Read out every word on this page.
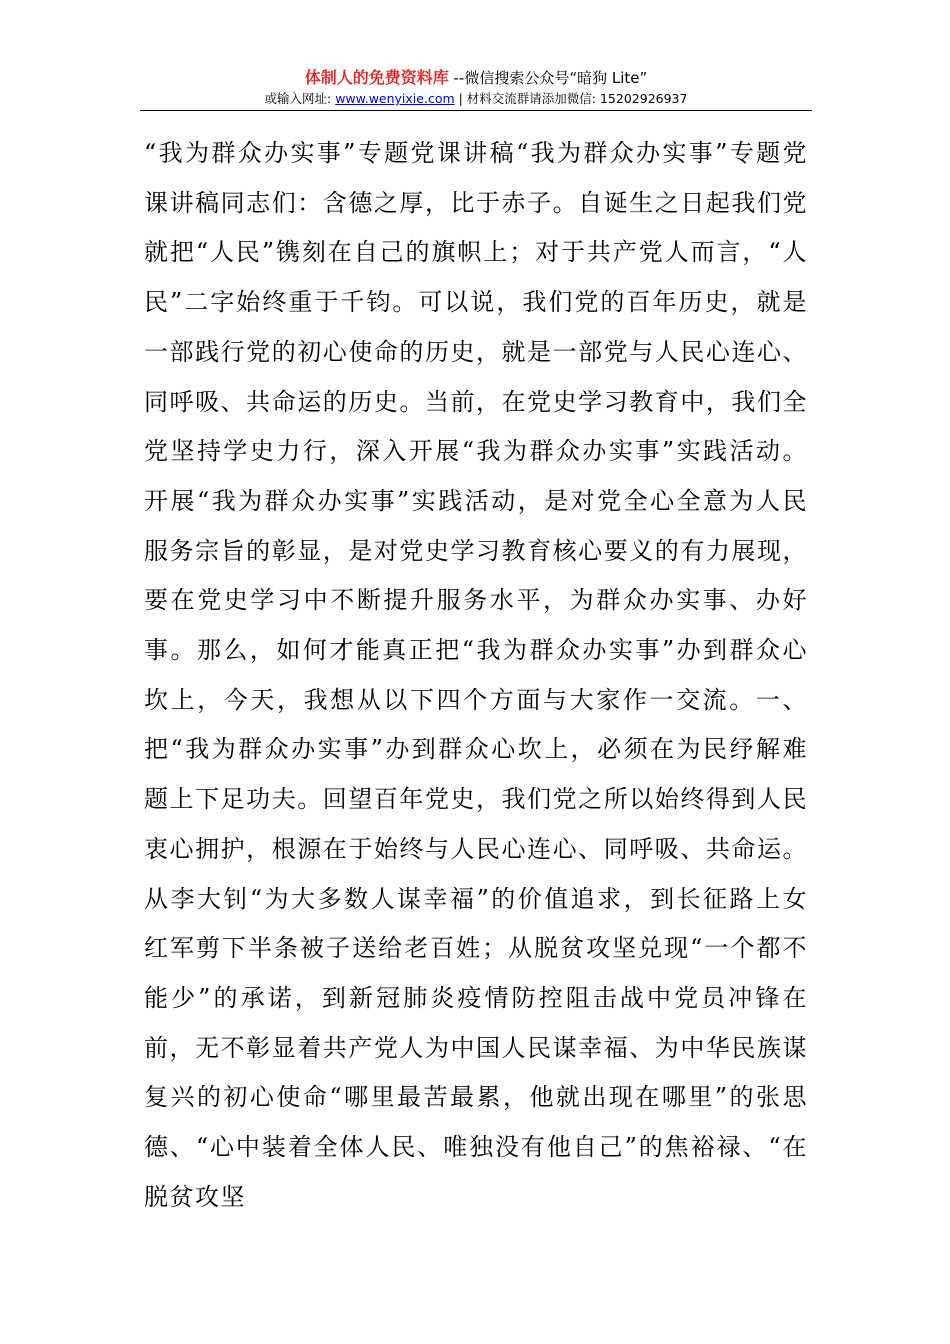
体制人的免费资料库 --微信搜索公众号“暗狗 Lite”
或输入网址: www.wenyixie.com | 材料交流群请添加微信: 15202926937

“我为群众办实事”专题党课讲稿“我为群众办实事”专题党课讲稿同志们：含德之厚，比于赤子。自诞生之日起我们党就把“人民”镌刻在自己的旗帜上；对于共产党人而言，“人民”二字始终重于千钧。可以说，我们党的百年历史，就是一部践行党的初心使命的历史，就是一部党与人民心连心、同呼吸、共命运的历史。当前，在党史学习教育中，我们全党坚持学史力行，深入开展“我为群众办实事”实践活动。开展“我为群众办实事”实践活动，是对党全心全意为人民服务宗旨的彰显，是对党史学习教育核心要义的有力展现，要在党史学习中不断提升服务水平，为群众办实事、办好事。那么，如何才能真正把“我为群众办实事”办到群众心坎上，今天，我想从以下四个方面与大家作一交流。一、把“我为群众办实事”办到群众心坎上，必须在为民纾解难题上下足功夫。回望百年党史，我们党之所以始终得到人民衷心拥护，根源在于始终与人民心连心、同呼吸、共命运。从李大钊“为大多数人谋幸福”的价值追求，到长征路上女红军剪下半条被子送给老百姓；从脱贫攻坚兑现“一个都不能少”的承诺，到新冠肺炎疫情防控阻击战中党员冲锋在前，无不彰显着共产党人为中国人民谋幸福、为中华民族谋复兴的初心使命“哪里最苦最累，他就出现在哪里”的张思德、“心中装着全体人民、唯独没有他自己”的焦裕禄、“在脱贫攻坚
